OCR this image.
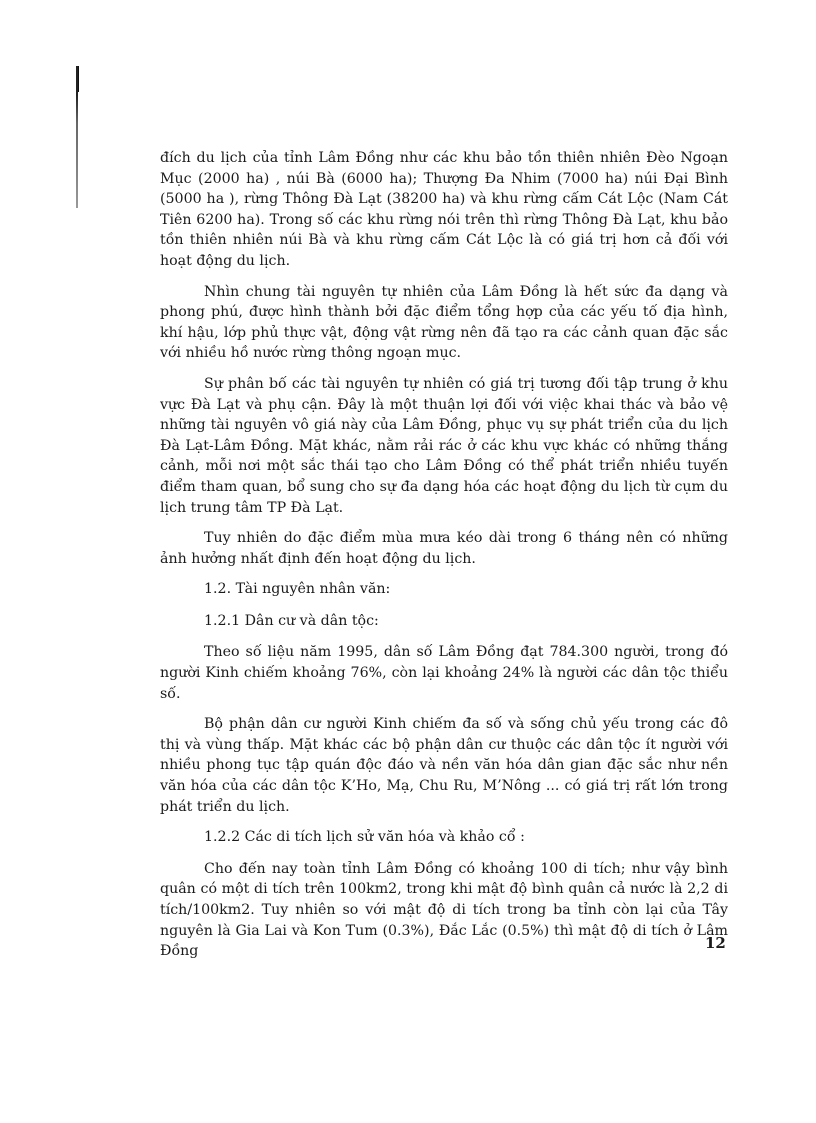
đích du lịch của tỉnh Lâm Đồng như các khu bảo tồn thiên nhiên Đèo Ngoạn Mục (2000 ha) , núi Bà (6000 ha); Thượng Đa Nhim (7000 ha) núi Đại Bình (5000 ha ), rừng Thông Đà Lạt (38200 ha) và khu rừng cấm Cát Lộc (Nam Cát Tiên 6200 ha). Trong số các khu rừng nói trên thì rừng Thông Đà Lạt, khu bảo tồn thiên nhiên núi Bà và khu rừng cấm Cát Lộc là có giá trị hơn cả đối với hoạt động du lịch.

Nhìn chung tài nguyên tự nhiên của Lâm Đồng là hết sức đa dạng và phong phú, được hình thành bởi đặc điểm tổng hợp của các yếu tố địa hình, khí hậu, lớp phủ thực vật, động vật rừng nên đã tạo ra các cảnh quan đặc sắc với nhiều hồ nước rừng thông ngoạn mục.

Sự phân bố các tài nguyên tự nhiên có giá trị tương đối tập trung ở khu vực Đà Lạt và phụ cận. Đây là một thuận lợi đối với việc khai thác và bảo vệ những tài nguyên vô giá này của Lâm Đồng, phục vụ sự phát triển của du lịch Đà Lạt-Lâm Đồng. Mặt khác, nằm rải rác ở các khu vực khác có những thắng cảnh, mỗi nơi một sắc thái tạo cho Lâm Đồng có thể phát triển nhiều tuyến điểm tham quan, bổ sung cho sự đa dạng hóa các hoạt động du lịch từ cụm du lịch trung tâm TP Đà Lạt.

Tuy nhiên do đặc điểm mùa mưa kéo dài trong 6 tháng nên có những ảnh hưởng nhất định đến hoạt động du lịch.

1.2. Tài nguyên nhân văn:

1.2.1 Dân cư và dân tộc:

Theo số liệu năm 1995, dân số Lâm Đồng đạt 784.300 người, trong đó người Kinh chiếm khoảng 76%, còn lại khoảng 24% là người các dân tộc thiểu số.

Bộ phận dân cư người Kinh chiếm đa số và sống chủ yếu trong các đô thị và vùng thấp. Mặt khác các bộ phận dân cư thuộc các dân tộc ít người với nhiều phong tục tập quán độc đáo và nền văn hóa dân gian đặc sắc như nền văn hóa của các dân tộc K’Ho, Mạ, Chu Ru, M’Nông ... có giá trị rất lớn trong phát triển du lịch.

1.2.2 Các di tích lịch sử văn hóa và khảo cổ :

Cho đến nay toàn tỉnh Lâm Đồng có khoảng 100 di tích; như vậy bình quân có một di tích trên 100km2, trong khi mật độ bình quân cả nước là 2,2 di tích/100km2. Tuy nhiên so với mật độ di tích trong ba tỉnh còn lại của Tây nguyên là Gia Lai và Kon Tum (0.3%), Đắc Lắc (0.5%) thì mật độ di tích ở Lâm Đồng	12
